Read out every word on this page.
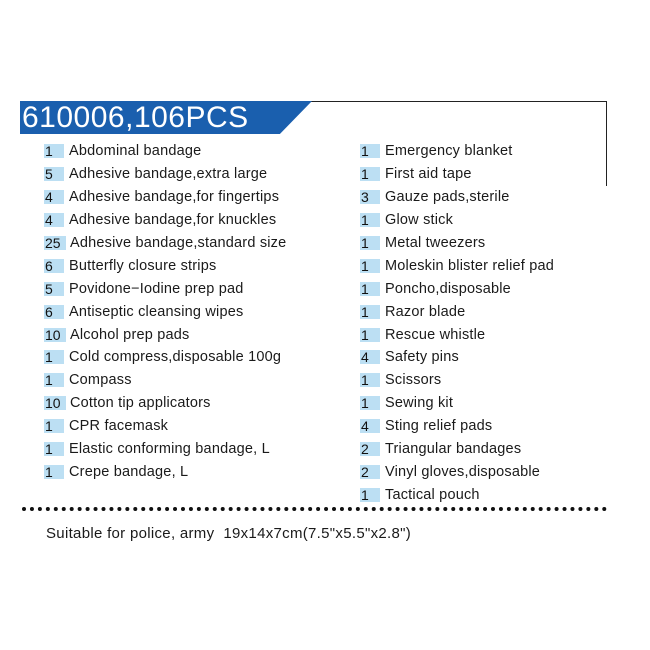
610006,106PCS
1	Abdominal bandage
5	Adhesive bandage,extra large
4	Adhesive bandage,for fingertips
4	Adhesive bandage,for knuckles
25 Adhesive bandage,standard size
6	Butterfly closure strips
5	Povidone−Iodine prep pad
6	Antiseptic cleansing wipes
10 Alcohol prep pads
1	Cold compress,disposable 100g
1	Compass
10 Cotton tip applicators
1	CPR facemask
1	Elastic conforming bandage, L
1	Crepe bandage, L
1	Emergency blanket
1	First aid tape
3	Gauze pads,sterile
1	Glow stick
1	Metal tweezers
1	Moleskin blister relief pad
1	Poncho,disposable
1	Razor blade
1	Rescue whistle
4	Safety pins
1	Scissors
1	Sewing kit
4	Sting relief pads
2	Triangular bandages
2	Vinyl gloves,disposable
1	Tactical pouch
Suitable for police, army  19x14x7cm(7.5"x5.5"x2.8")
